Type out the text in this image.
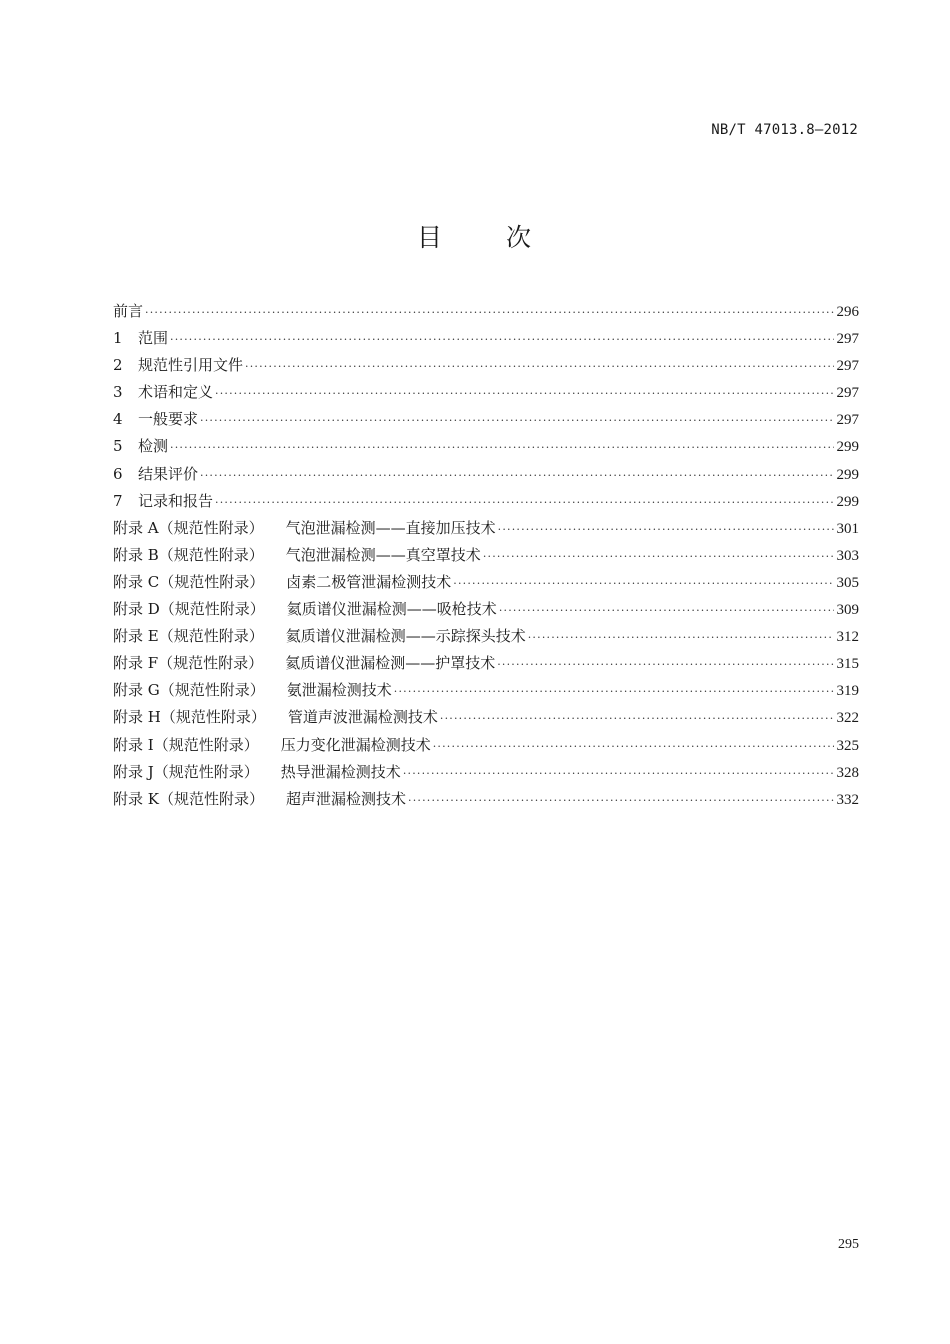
NB/T 47013.8—2012
目 次
前言 ·····	296
1	范围 ·····	297
2	规范性引用文件 ·····	297
3	术语和定义 ·····	297
4	一般要求 ·····	297
5	检测 ·····	299
6	结果评价 ·····	299
7	记录和报告 ·····	299
附录 A（规范性附录） 气泡泄漏检测——直接加压技术 ·····	301
附录 B（规范性附录） 气泡泄漏检测——真空罩技术 ·····	303
附录 C（规范性附录） 卤素二极管泄漏检测技术 ·····	305
附录 D（规范性附录） 氦质谱仪泄漏检测——吸枪技术 ·····	309
附录 E（规范性附录） 氦质谱仪泄漏检测——示踪探头技术 ·····	312
附录 F（规范性附录） 氦质谱仪泄漏检测——护罩技术 ·····	315
附录 G（规范性附录） 氨泄漏检测技术 ·····	319
附录 H（规范性附录） 管道声波泄漏检测技术 ·····	322
附录 I（规范性附录） 压力变化泄漏检测技术 ·····	325
附录 J（规范性附录） 热导泄漏检测技术 ·····	328
附录 K（规范性附录） 超声泄漏检测技术 ·····	332
295
